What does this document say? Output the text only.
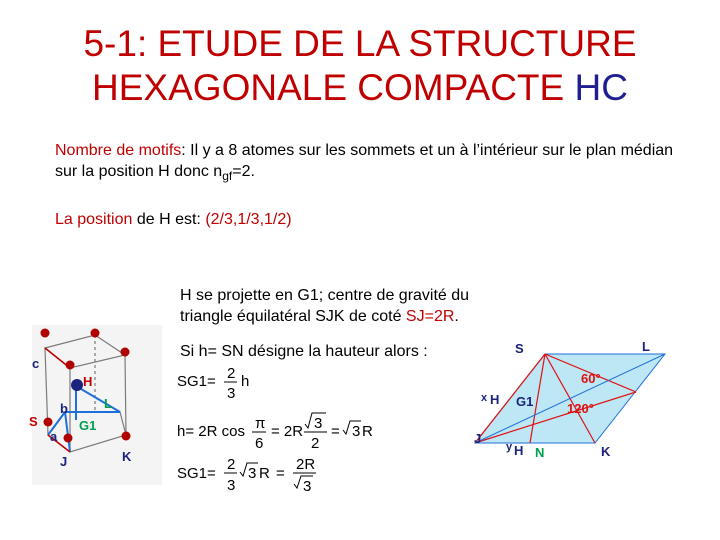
5-1: ETUDE DE LA STRUCTURE
HEXAGONALE COMPACTE HC
Nombre de motifs: Il y a 8 atomes sur les sommets et un à l’intérieur sur le plan médian sur la position H donc $n_{gf}=2$.
La position de H est: (2/3,1/3,1/2)
H se projette en G1; centre de gravité du
triangle équilatéral SJK de coté SJ=2R.
Si h= SN désigne la hauteur alors :
c
H
b	L
S	G1
a
J	K
SG1= 2
3
h
h= 2R cos π
6
= 2R 3
2
= 3 R
SG1=
2
3
3 R =
2R
3
S	L
60°
x H G1	120°
J
y H N	K
